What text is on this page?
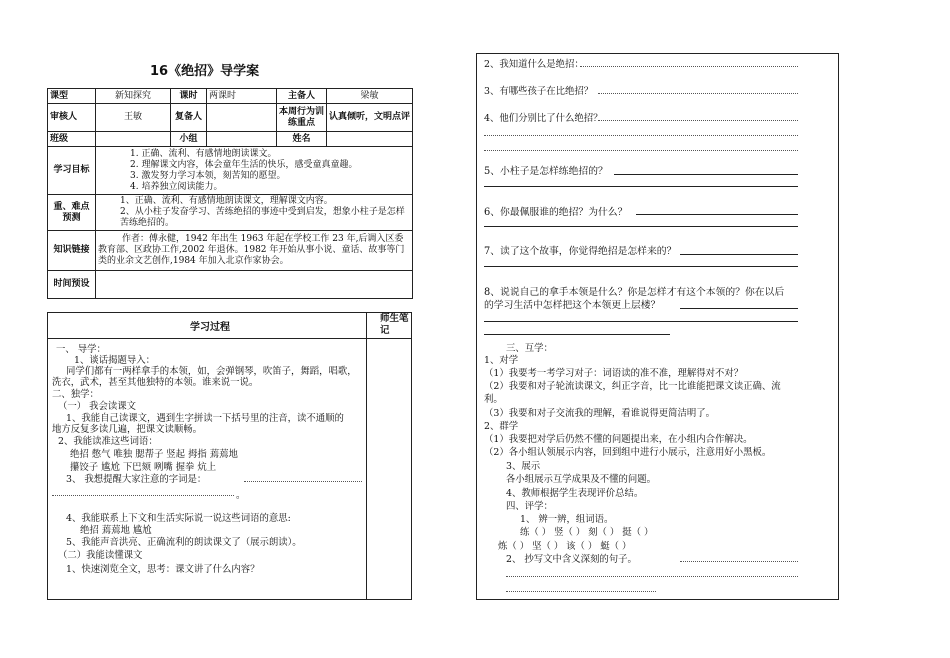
16《绝招》导学案
课型	新知探究	课时	两课时	主备人	梁敏
审核人	王敏	复备人		本周行为训练重点	认真倾听，文明点评
班级		小组		姓名	
学习目标	1. 正确、流利、有感情地朗读课文。
2. 理解课文内容，体会童年生活的快乐，感受童真童趣。
3. 激发努力学习本领，刻苦知的愿望。
4. 培养独立阅读能力。				
重、难点预测	1、正确、流利、有感情地朗读课文，理解课文内容。
2、从小柱子发奋学习、苦练绝招的事迹中受到启发，想象小柱子是怎样苦练绝招的。				
知识链接	作者：傅永健，1942 年出生 1963 年起在学校工作 23 年,后调入区委教育部、区政协工作,2002 年退休。1982 年开始从事小说、童话、故事等门类的业余文艺创作,1984 年加入北京作家协会。				
时间预设					
学习过程
师生笔记
一、 导学：
1、谈话揭题导入：
同学们都有一两样拿手的本领，如，会弹钢琴，吹笛子，舞蹈，唱歌，
洗衣，武术，甚至其他独特的本领。谁来说一说。
二、独学：
（一） 我会读课文
1、我能自己读课文，遇到生字拼读一下括号里的注音，读不通顺的
地方反复多读几遍，把课文读顺畅。
2、我能读准这些词语：
绝招 憋气 唯独 腮帮子 竖起 拇指 蔫蔫地
攥饺子 尴尬 下巴颏 咧嘴 握拳 炕上
3、 我想提醒大家注意的字词是：
。
4、我能联系上下文和生活实际说一说这些词语的意思:
绝招 蔫蔫地 尴尬
5、我能声音洪亮、正确流利的朗读课文了（展示朗读）。
（二）我能读懂课文
1、快速浏览全文，思考：课文讲了什么内容？
2、我知道什么是绝招：
3、有哪些孩子在比绝招？
4、他们分别比了什么绝招？
5、小柱子是怎样练绝招的？
6、你最佩服谁的绝招？为什么？
7、读了这个故事，你觉得绝招是怎样来的？
8、说说自己的拿手本领是什么？你是怎样才有这个本领的？你在以后
的学习生活中怎样把这个本领更上层楼？
三、互学：
1、对学
（1）我要考一考学习对子：词语读的准不准，理解得对不对？
（2）我要和对子轮流读课文，纠正字音，比一比谁能把课文读正确、流
利。
（3）我要和对子交流我的理解，看谁说得更简洁明了。
2、群学
（1）我要把对学后仍然不懂的问题提出来，在小组内合作解决。
（2）各小组认领展示内容，回到组中进行小展示，注意用好小黑板。
3、展示
各小组展示互学成果及不懂的问题。
4、教师根据学生表现评价总结。
四、评学：
1、 辨一辨，组词语。
练（ ） 竖（ ） 刻（ ） 挺（ ）
炼（ ） 坚（ ） 该（ ） 蜓（ ）
2、 抄写文中含义深刻的句子。
